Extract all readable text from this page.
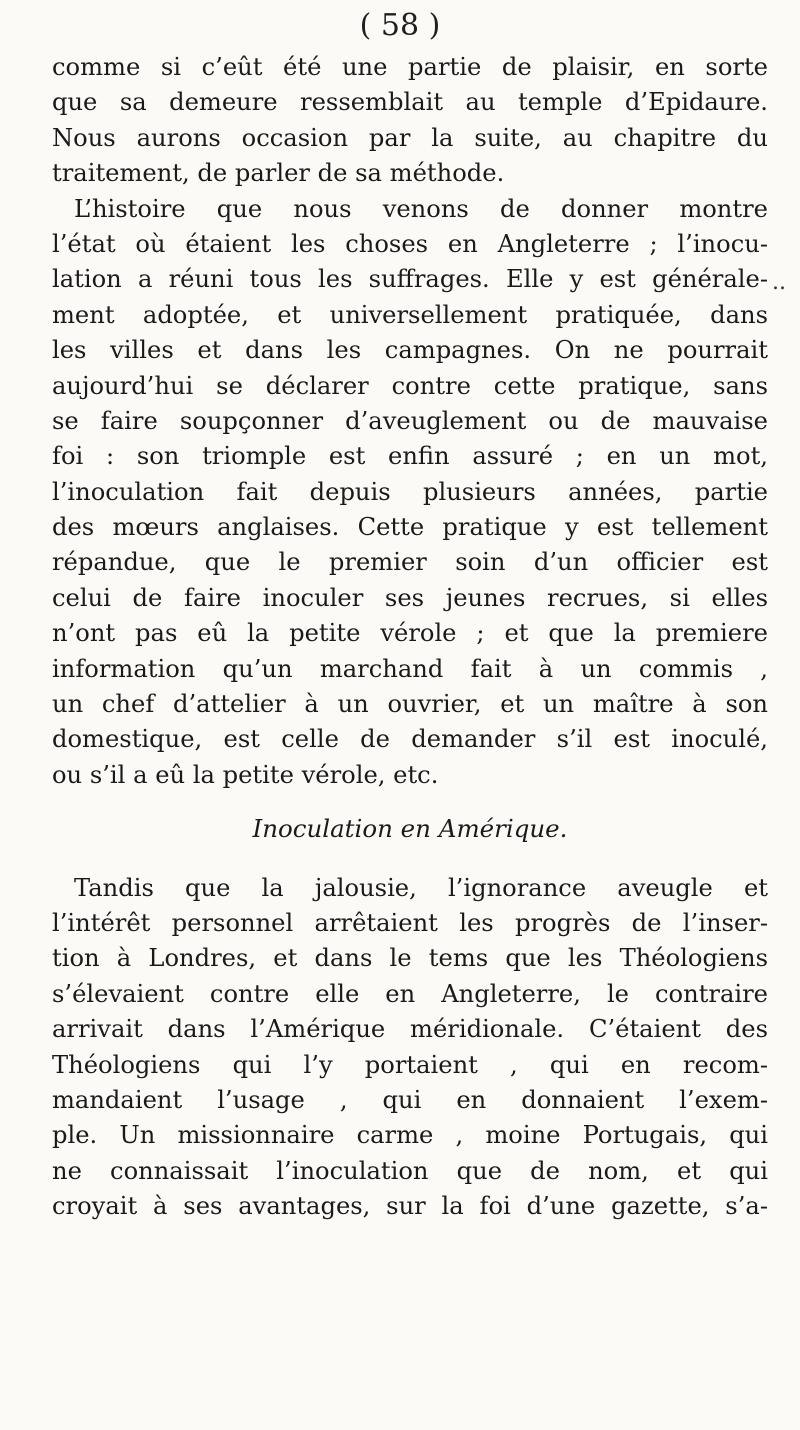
( 58 )
..
comme si c’eût été une partie de plaisir, en sorte
que sa demeure ressemblait au temple d’Epidaure.
Nous aurons occasion par la suite, au chapitre du
traitement, de parler de sa méthode.
L’histoire que nous venons de donner montre
l’état où étaient les choses en Angleterre ; l’inocu-
lation a réuni tous les suffrages. Elle y est générale-
ment adoptée, et universellement pratiquée, dans
les villes et dans les campagnes. On ne pourrait
aujourd’hui se déclarer contre cette pratique, sans
se faire soupçonner d’aveuglement ou de mauvaise
foi : son triomple est enfin assuré ; en un mot,
l’inoculation fait depuis plusieurs années, partie
des mœurs anglaises. Cette pratique y est tellement
répandue, que le premier soin d’un officier est
celui de faire inoculer ses jeunes recrues, si elles
n’ont pas eû la petite vérole ; et que la premiere
information qu’un marchand fait à un commis ,
un chef d’attelier à un ouvrier, et un maître à son
domestique, est celle de demander s’il est inoculé,
ou s’il a eû la petite vérole, etc.
Inoculation en Amérique.
Tandis que la jalousie, l’ignorance aveugle et
l’intérêt personnel arrêtaient les progrès de l’inser-
tion à Londres, et dans le tems que les Théologiens
s’élevaient contre elle en Angleterre, le contraire
arrivait dans l’Amérique méridionale. C’étaient des
Théologiens qui l’y portaient , qui en recom-
mandaient l’usage , qui en donnaient l’exem-
ple. Un missionnaire carme , moine Portugais, qui
ne connaissait l’inoculation que de nom, et qui
croyait à ses avantages, sur la foi d’une gazette, s’a-
